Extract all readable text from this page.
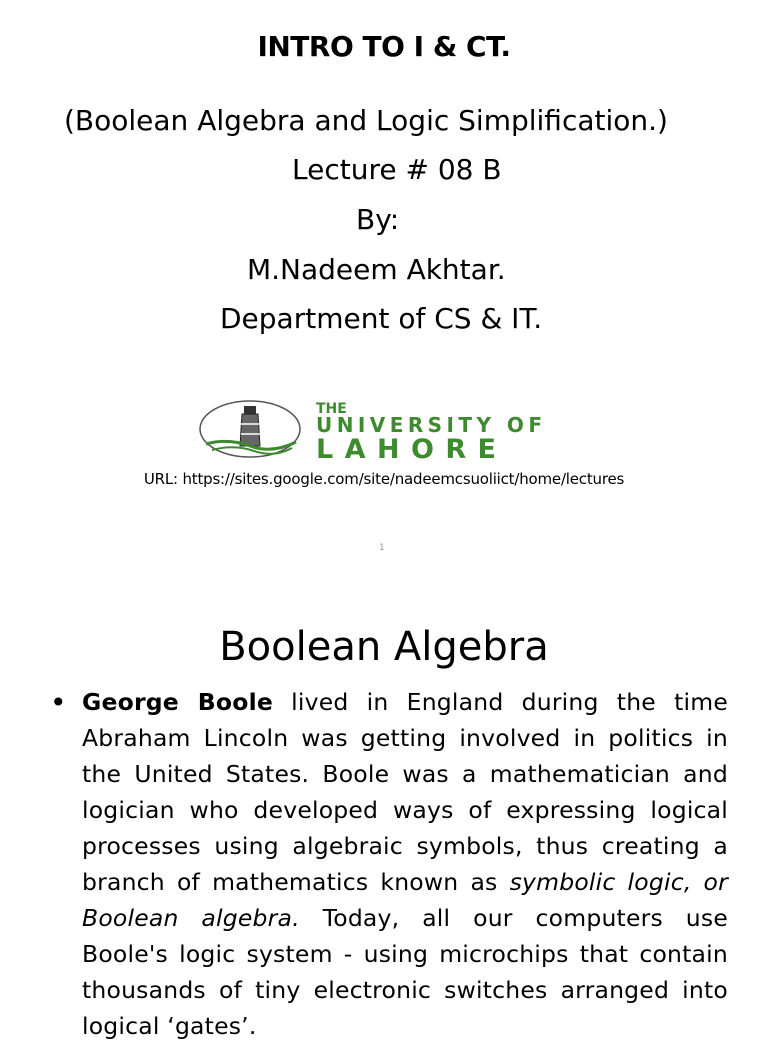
INTRO TO I & CT.
(Boolean Algebra and Logic Simplification.)
Lecture # 08 B
By:
M.Nadeem Akhtar.
Department of CS & IT.
THE
UNIVERSITY OF
LAHORE
URL: https://sites.google.com/site/nadeemcsuoliict/home/lectures
1
Boolean Algebra
• George Boole lived in England during the time Abraham Lincoln was getting involved in politics in the United States. Boole was a mathematician and logician who developed ways of expressing logical processes using algebraic symbols, thus creating a branch of mathematics known as symbolic logic, or Boolean algebra. Today, all our computers use Boole's logic system - using microchips that contain thousands of tiny electronic switches arranged into logical ‘gates’.
